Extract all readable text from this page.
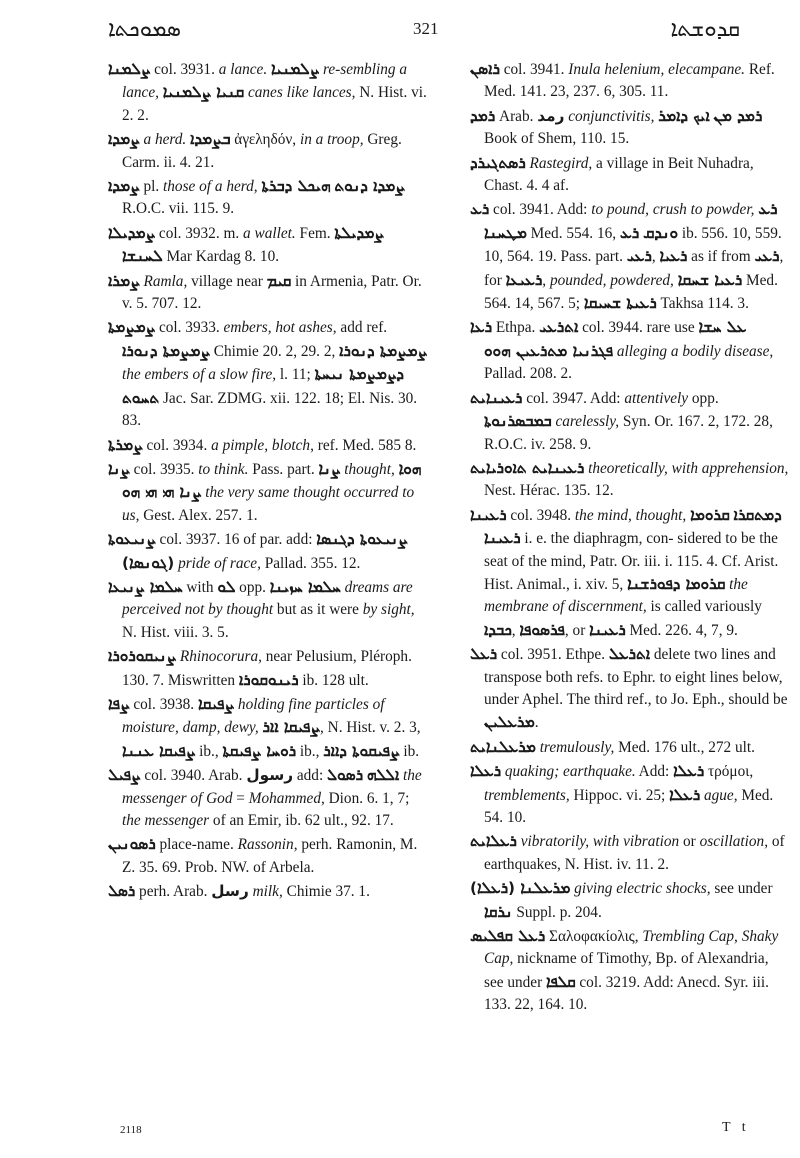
ܣܡܘܟܬܐ	321	ܩܕܘܫܬܐ
ܨܠܡܢܐ col. 3931. a lance. ܨܠܡܢܝܐ re-sembling a lance, ܩܢܝܐ ܨܠܡܢܝܐ canes like lances, N. Hist. vi. 2. 2.
ܨܡܕܐ a herd. ܒܨܡܕܐ ἀγεληδόν, in a troop, Greg. Carm. ii. 4. 21.
ܨܡܕܐ pl. those of a herd, ܗܝܟܠ ܕܒܪܬܐ ܨܡܕܐ ܕܢܘܬ R.O.C. vii. 115. 9.
ܨܡܕܝܠܐ col. 3932. m. a wallet. Fem. ܨܡܕܝܠܬܐ ܠܚܢܫܐ Mar Kardag 8. 10.
ܨܡܪܐ Ramla, village near ܩܝܡ in Armenia, Patr. Or. v. 5. 707. 12.
ܨܡܨܡܬܐ col. 3933. embers, hot ashes, add ref. ܨܡܨܡܬܐ ܕܢܘܪܐ Chimie 20. 2, 29. 2, ܨܡܨܡܬܐ ܕܢܘܪܐ the embers of a slow fire, l. 11; ܕܨܡܨܡܬܐ ܢܝܚܬܐ ܬܚܘܬ Jac. Sar. ZDMG. xii. 122. 18; El. Nis. 30. 83.
ܨܡܪܬܐ col. 3934. a pimple, blotch, ref. Med. 585 8.
ܨܢܐ col. 3935. to think. Pass. part. ܨܢܐ thought, ܗܘܐ ܨܢܐ ܗܝ ܗܝ ܗܘ the very same thought occurred to us, Gest. Alex. 257. 1.
ܨܢܝܥܘܬܐ col. 3937. 16 of par. add: ܨܢܝܥܘܬܐ ܕܓܢܣܐ (ܓܘܢܣܐ) pride of race, Pallad. 355. 12.
ܚܠܡܐ ܨܢܝܥܐ with ܠܘ opp. ܚܠܡܐ ܚܙܝܢܐ dreams are perceived not by thought but as it were by sight, N. Hist. viii. 3. 5.
ܨܢܝܩܘܪܘܪܐ Rhinocorura, near Pelusium, Pléroph. 130. 7. Miswritten ܪܝܢܘܩܘܪܐ ib. 128 ult.
ܨܦܐ col. 3938. ܨܦܝܩܐ holding fine particles of moisture, damp, dewy, ܨܦܝܩܐ ܐܐܪ, N. Hist. v. 2. 3, ܨܦܝܩܐ ܥܢܢܐ ib., ܪܘܚܐ ܨܦܝܩܬܐ ib., ܨܦܝܩܘܬܐ ܕܐܐܪ ib.
ܨܦܝܠ col. 3940. Arab. رسول add: ܪܣܘܠ ܐܠܠܗ the messenger of God = Mohammed, Dion. 6. 1, 7; the messenger of an Emir, ib. 62 ult., 92. 17.
ܪܣܘܢܝܢ place-name. Rassonin, perh. Ramonin, M. Z. 35. 69. Prob. NW. of Arbela.
ܪܣܠ perh. Arab. رسل milk, Chimie 37. 1.
ܪܐܣܢ col. 3941. Inula helenium, elecampane. Ref. Med. 141. 23, 237. 6, 305. 11.
ܪܡܕ Arab. رمد conjunctivitis, ܐܝܟ ܕܐܡܪ ܪܡܕ ܡܢ Book of Shem, 110. 15.
ܪܣܬܓܝܪܕ Rastegird, a village in Beit Nuhadra, Chast. 4. 4 af.
ܪܥ col. 3941. Add: to pound, crush to powder, ܪܥ ܡܛܚܢܐ Med. 554. 16, ܪܥ ܘܢܕܩ ib. 556. 10, 559. 10, 564. 19. Pass. part. ܪܥܝ, ܪܥܝܐ as if from ܪܥܝ, for ܪܥܝܥܐ, pounded, powdered, ܪܥܝܐ ܫܚܩܐ Med. 564. 14, 567. 5; ܪܥܝܬܐ ܫܚܝܩܐ Takhsa 114. 3.
ܪܥܐ Ethpa. ܐܬܪܥܝ col. 3944. rare use ܥܠ ܚܫܐ ܦܓܪܢܝܐ ܡܬܪܥܝܢ ܗܘܘ alleging a bodily disease, Pallad. 208. 2.
ܪܥܝܢܐܝܬ col. 3947. Add: attentively opp. ܒܡܒܣܪܢܘܬܐ carelessly, Syn. Or. 167. 2, 172. 28, R.O.C. iv. 258. 9.
ܪܥܝܢܐܝܬ ܬܐܘܪܝܐܝܬ theoretically, with apprehension, Nest. Hérac. 135. 12.
ܪܥܝܢܐ col. 3948. the mind, thought, ܩܪܘܡܐ ܕܡܬܩܪܐ ܪܥܝܢܐ i. e. the diaphragm, con- sidered to be the seat of the mind, Patr. Or. iii. i. 115. 4. Cf. Arist. Hist. Animal., i. xiv. 5, ܩܪܘܡܐ ܕܦܘܪܫܢܐ the membrane of discernment, is called variously ܟܒܕܐ, ܦܪܣܘܦܐ, or ܪܥܝܢܐ Med. 226. 4, 7, 9.
ܪܥܠ col. 3951. Ethpe. ܐܬܪܥܠ delete two lines and transpose both refs. to Ephr. to eight lines below, under Aphel. The third ref., to Jo. Eph., should be ܡܪܥܠܝܢ.
ܡܪܥܠܢܐܝܬ tremulously, Med. 176 ult., 272 ult.
ܪܥܠܐ quaking; earthquake. Add: ܪܥܠܐ τρόμοι, tremblements, Hippoc. vi. 25; ܪܥܠܐ ague, Med. 54. 10.
ܪܥܠܐܝܬ vibratorily, with vibration or oscillation, of earthquakes, N. Hist. iv. 11. 2.
ܡܪܥܠܢܐ (ܪܥܠܐ) giving electric shocks, see under ܢܪܩܐ Suppl. p. 204.
ܪܥܠ ܩܦܠܝܣ Σαλοφακίολις, Trembling Cap, Shaky Cap, nickname of Timothy, Bp. of Alexandria, see under ܩܠܦܐ col. 3219. Add: Anecd. Syr. iii. 133. 22, 164. 10.
2118	T t
